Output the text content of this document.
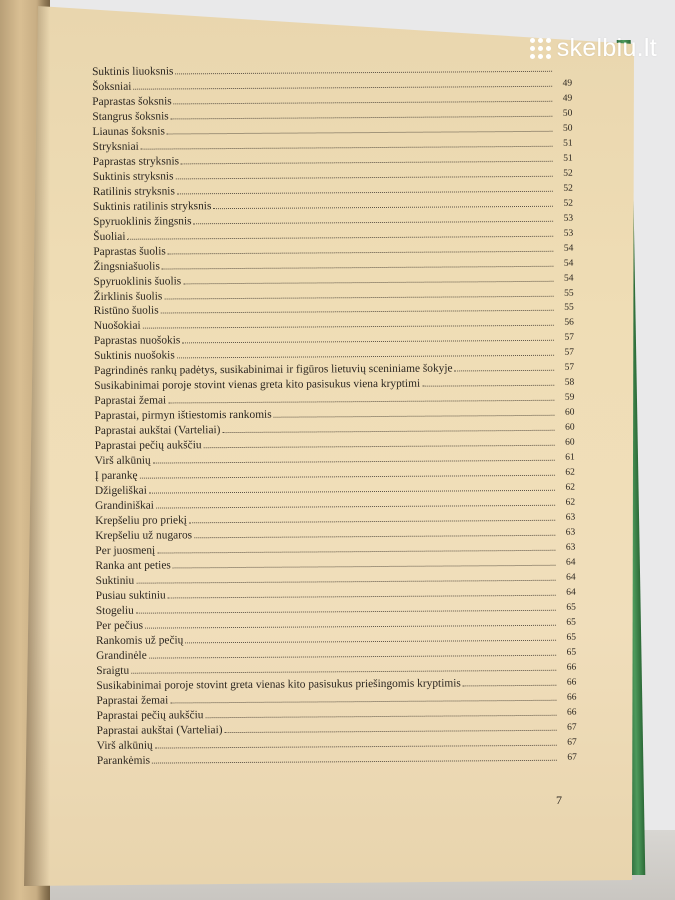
skelbiu.lt
Suktinis liuoksnis
Šoksniai	49
Paprastas šoksnis	49
Stangrus šoksnis	50
Liaunas šoksnis	50
Stryksniai	51
Paprastas stryksnis	51
Suktinis stryksnis	52
Ratilinis stryksnis	52
Suktinis ratilinis stryksnis	52
Spyruoklinis žingsnis	53
Šuoliai	53
Paprastas šuolis	54
Žingsniašuolis	54
Spyruoklinis šuolis	54
Žirklinis šuolis	55
Ristūno šuolis	55
Nuošokiai	56
Paprastas nuošokis	57
Suktinis nuošokis	57
Pagrindinės rankų padėtys, susikabinimai ir figūros lietuvių sceniniame šokyje	57
Susikabinimai poroje stovint vienas greta kito pasisukus viena kryptimi	58
Paprastai žemai	59
Paprastai, pirmyn ištiestomis rankomis	60
Paprastai aukštai (Varteliai)	60
Paprastai pečių aukščiu	60
Virš alkūnių	61
Į parankę	62
Džigeliškai	62
Grandiniškai	62
Krepšeliu pro priekį	63
Krepšeliu už nugaros	63
Per juosmenį	63
Ranka ant peties	64
Suktiniu	64
Pusiau suktiniu	64
Stogeliu	65
Per pečius	65
Rankomis už pečių	65
Grandinėle	65
Sraigtu	66
Susikabinimai poroje stovint greta vienas kito pasisukus priešingomis kryptimis	66
Paprastai žemai	66
Paprastai pečių aukščiu	66
Paprastai aukštai (Varteliai)	67
Virš alkūnių	67
Parankėmis	67
7
